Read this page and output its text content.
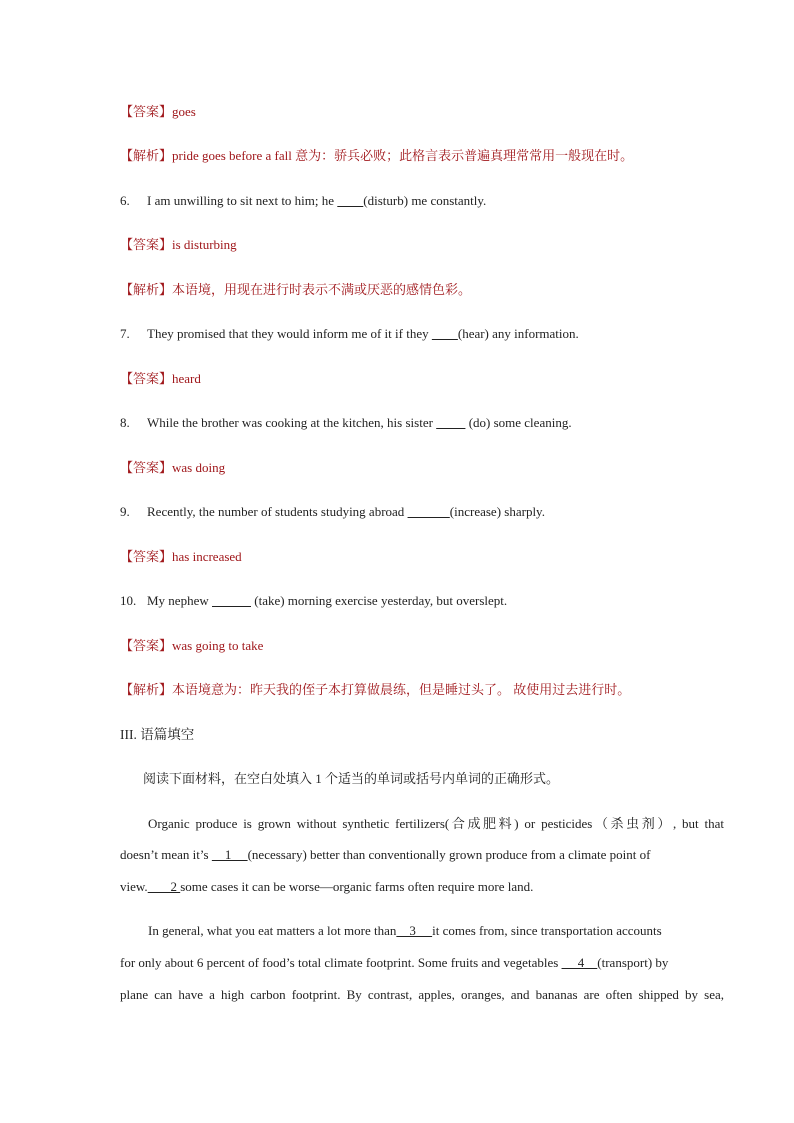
【答案】goes
【解析】pride goes before a fall 意为：骄兵必败；此格言表示普遍真理常常用一般现在时。
6. I am unwilling to sit next to him; he         (disturb) me constantly.
【答案】is disturbing
【解析】本语境，用现在进行时表示不满或厌恶的感情色彩。
7. They promised that they would inform me of it if they         (hear) any information.
【答案】heard
8. While the brother was cooking at the kitchen, his sister           (do) some cleaning.
【答案】was doing
9. Recently, the number of students studying abroad	(increase) sharply.
【答案】has increased
10. My nephew	(take) morning exercise yesterday, but overslept.
【答案】was going to take
【解析】本语境意为：昨天我的侄子本打算做晨练，但是睡过头了。 故使用过去进行时。
III. 语篇填空
阅读下面材料，在空白处填入 1 个适当的单词或括号内单词的正确形式。
Organic produce is grown without synthetic fertilizers(合成肥料) or pesticides（杀虫剂）, but that
doesn’t mean it’s     1     (necessary) better than conventionally grown produce from a climate point of
view.       2 some cases it can be worse—organic farms often require more land.
In general, what you eat matters a lot more than    3     it comes from, since transportation accounts
for only about 6 percent of food’s total climate footprint. Some fruits and vegetables      4    (transport) by
plane can have a high carbon footprint. By contrast, apples, oranges, and bananas are often shipped by sea,
